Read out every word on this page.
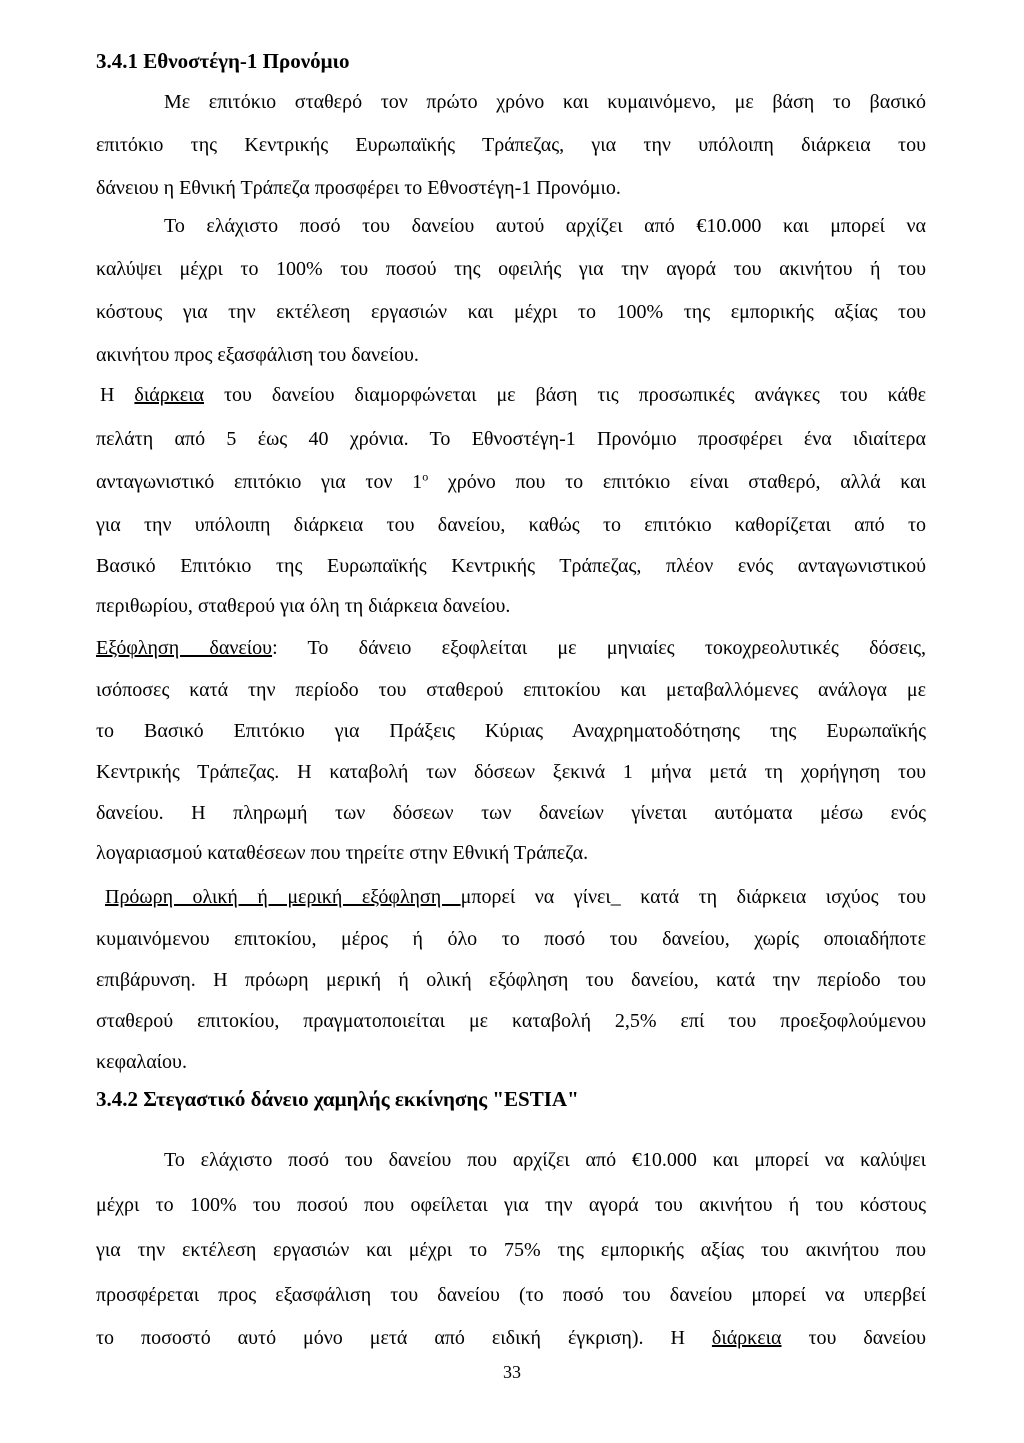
3.4.1 Εθνοστέγη-1 Προνόμιο

Με επιτόκιο σταθερό τον πρώτο χρόνο και κυμαινόμενο, με βάση το βασικό

επιτόκιο της Κεντρικής Ευρωπαϊκής Τράπεζας, για την υπόλοιπη διάρκεια του

δάνειου η Εθνική Τράπεζα προσφέρει το Εθνοστέγη-1 Προνόμιο.

Το ελάχιστο ποσό του δανείου αυτού αρχίζει από €10.000 και μπορεί να

καλύψει μέχρι το 100% του ποσού της οφειλής για την αγορά του ακινήτου ή του

κόστους για την εκτέλεση εργασιών και μέχρι το 100% της εμπορικής αξίας του

ακινήτου προς εξασφάλιση του δανείου.

Η διάρκεια του δανείου διαμορφώνεται με βάση τις προσωπικές ανάγκες του κάθε

πελάτη από 5 έως 40 χρόνια. Το Εθνοστέγη-1 Προνόμιο προσφέρει ένα ιδιαίτερα

ανταγωνιστικό επιτόκιο για τον $1^o$ χρόνο που το επιτόκιο είναι σταθερό, αλλά και

για την υπόλοιπη διάρκεια του δανείου, καθώς το επιτόκιο καθορίζεται από το

Βασικό Επιτόκιο της Ευρωπαϊκής Κεντρικής Τράπεζας, πλέον ενός ανταγωνιστικού

περιθωρίου, σταθερού για όλη τη διάρκεια δανείου.

Εξόφληση δανείου: Το δάνειο εξοφλείται με μηνιαίες τοκοχρεολυτικές δόσεις,

ισόποσες κατά την περίοδο του σταθερού επιτοκίου και μεταβαλλόμενες ανάλογα με

το Βασικό Επιτόκιο για Πράξεις Κύριας Αναχρηματοδότησης της Ευρωπαϊκής

Κεντρικής Τράπεζας. Η καταβολή των δόσεων ξεκινά 1 μήνα μετά τη χορήγηση του

δανείου. Η πληρωμή των δόσεων των δανείων γίνεται αυτόματα μέσω ενός

λογαριασμού καταθέσεων που τηρείτε στην Εθνική Τράπεζα.

Πρόωρη ολική ή μερική εξόφληση μπορεί να γίνει_ κατά τη διάρκεια ισχύος του

κυμαινόμενου επιτοκίου, μέρος ή όλο το ποσό του δανείου, χωρίς οποιαδήποτε

επιβάρυνση. Η πρόωρη μερική ή ολική εξόφληση του δανείου, κατά την περίοδο του

σταθερού επιτοκίου, πραγματοποιείται με καταβολή 2,5% επί του προεξοφλούμενου

κεφαλαίου.

3.4.2 Στεγαστικό δάνειο χαμηλής εκκίνησης "ESTIA"

Το ελάχιστο ποσό του δανείου που αρχίζει από €10.000 και μπορεί να καλύψει

μέχρι το 100% του ποσού που οφείλεται για την αγορά του ακινήτου ή του κόστους

για την εκτέλεση εργασιών και μέχρι το 75% της εμπορικής αξίας του ακινήτου που

προσφέρεται προς εξασφάλιση του δανείου (το ποσό του δανείου μπορεί να υπερβεί

το ποσοστό αυτό μόνο μετά από ειδική έγκριση). Η διάρκεια του δανείου

33
